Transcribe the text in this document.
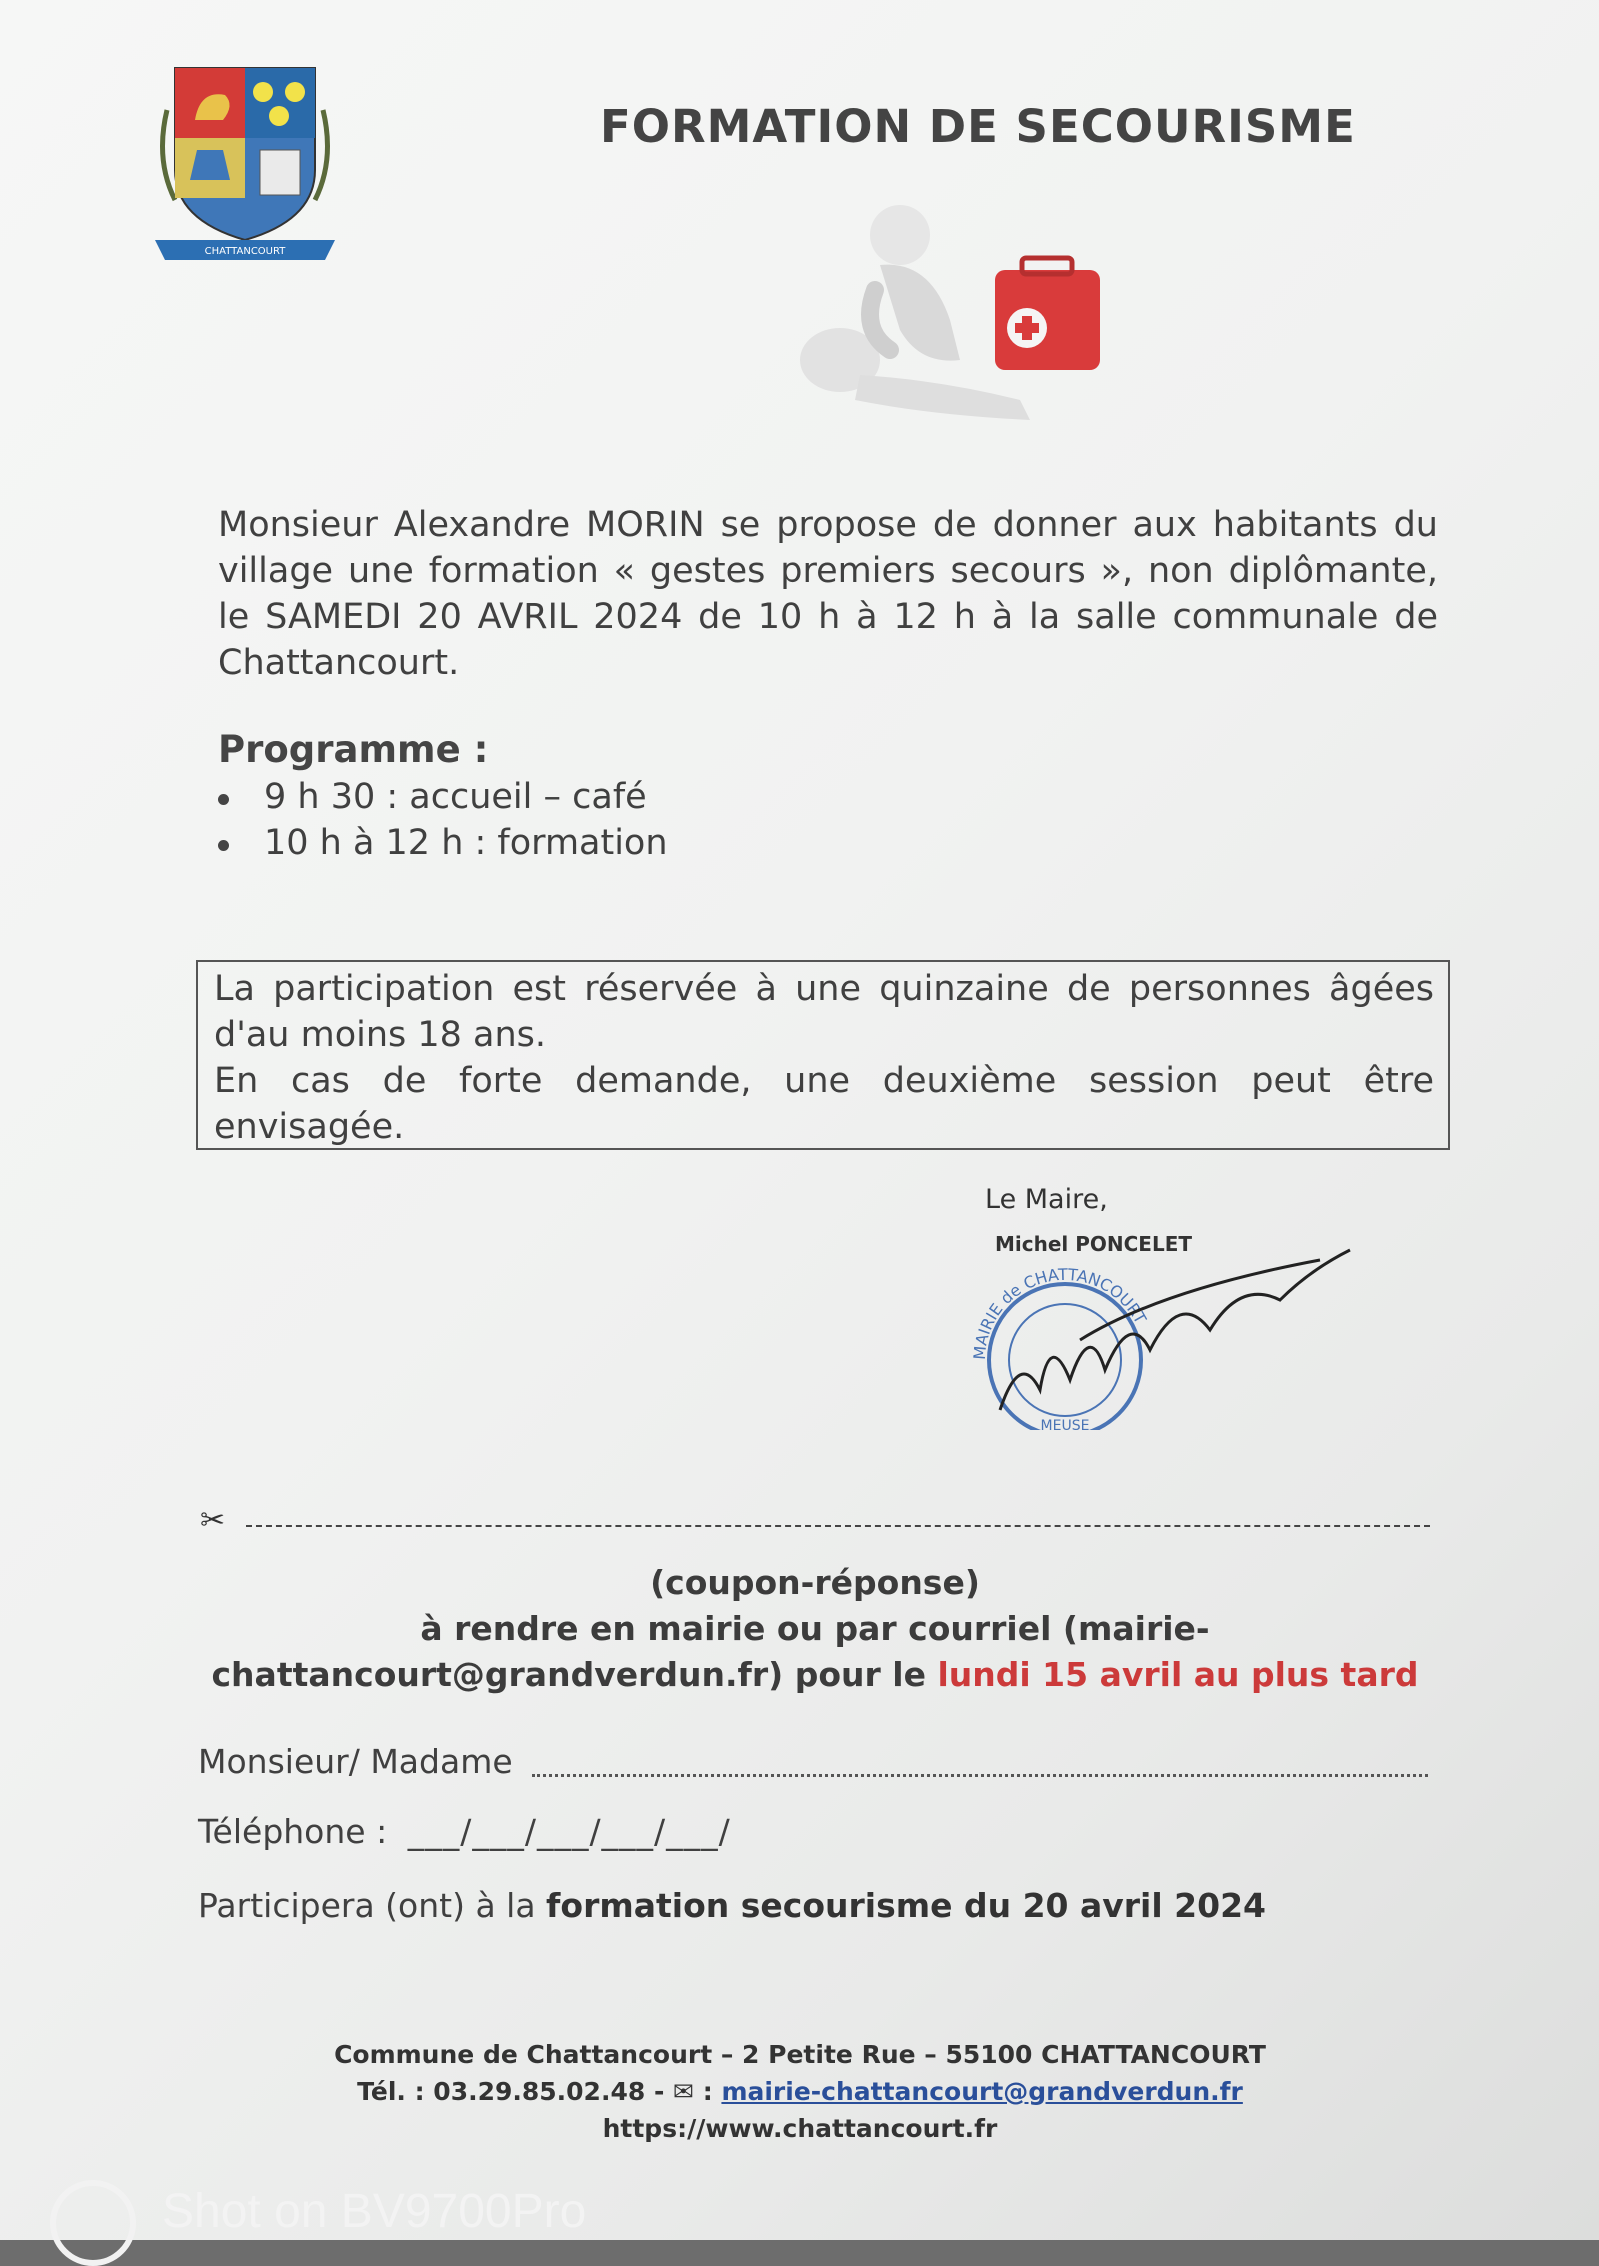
CHATTANCOURT
FORMATION DE SECOURISME
Monsieur Alexandre MORIN se propose de donner aux habitants du village une formation « gestes premiers secours », non diplômante, le SAMEDI 20 AVRIL 2024 de 10 h à 12 h à la salle communale de Chattancourt.
Programme :
9 h 30 : accueil – café
10 h à 12 h : formation

La participation est réservée à une quinzaine de personnes âgées d'au moins 18 ans.

En cas de forte demande, une deuxième session peut être envisagée.

Le Maire,
Michel PONCELET
MAIRIE de CHATTANCOURT
MEUSE
✂
(coupon-réponse)
à rendre en mairie ou par courriel (mairie-
chattancourt@grandverdun.fr) pour le lundi 15 avril au plus tard
Monsieur/ Madame
Téléphone : ___/___/___/___/___/
Participera (ont) à la formation secourisme du 20 avril 2024
Commune de Chattancourt – 2 Petite Rue – 55100 CHATTANCOURT
Tél. : 03.29.85.02.48 - ✉ : mairie-chattancourt@grandverdun.fr
https://www.chattancourt.fr
Shot on BV9700Pro
